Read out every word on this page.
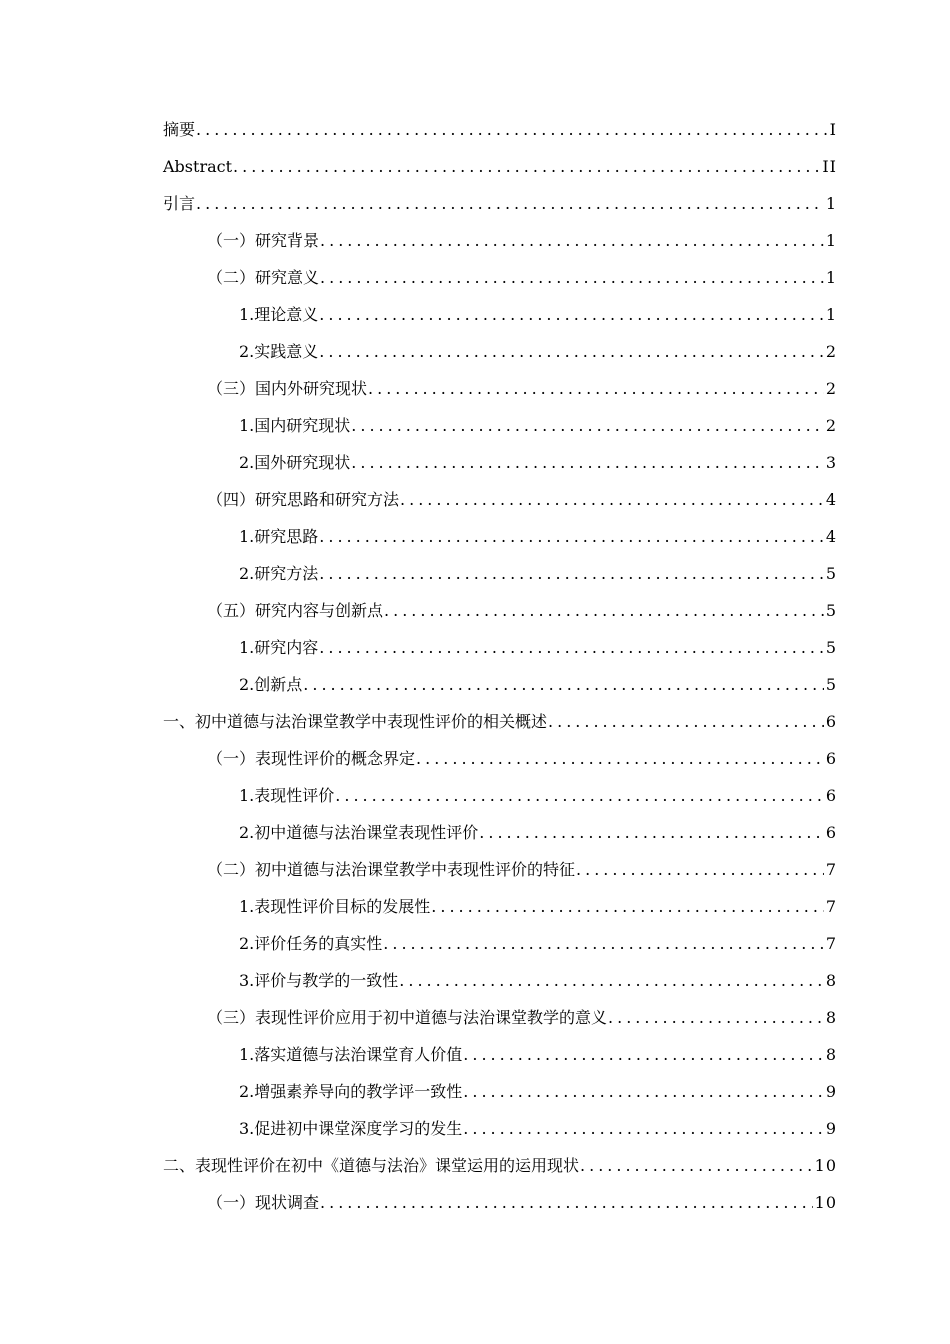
摘要 .....	I
Abstract .....	II
引言 .....	1
（一）研究背景 .....	1
（二）研究意义 .....	1
1.理论意义 .....	1
2.实践意义 .....	2
（三）国内外研究现状 .....	2
1.国内研究现状 .....	2
2.国外研究现状 .....	3
（四）研究思路和研究方法 .....	4
1.研究思路 .....	4
2.研究方法 .....	5
（五）研究内容与创新点 .....	5
1.研究内容 .....	5
2.创新点 .....	5
一、初中道德与法治课堂教学中表现性评价的相关概述 .....	6
（一）表现性评价的概念界定 .....	6
1.表现性评价 .....	6
2.初中道德与法治课堂表现性评价 .....	6
（二）初中道德与法治课堂教学中表现性评价的特征 .....	7
1.表现性评价目标的发展性 .....	7
2.评价任务的真实性 .....	7
3.评价与教学的一致性 .....	8
（三）表现性评价应用于初中道德与法治课堂教学的意义 .....	8
1.落实道德与法治课堂育人价值 .....	8
2.增强素养导向的教学评一致性 .....	9
3.促进初中课堂深度学习的发生 .....	9
二、表现性评价在初中《道德与法治》课堂运用的运用现状 .....	10
（一）现状调查 .....	10
